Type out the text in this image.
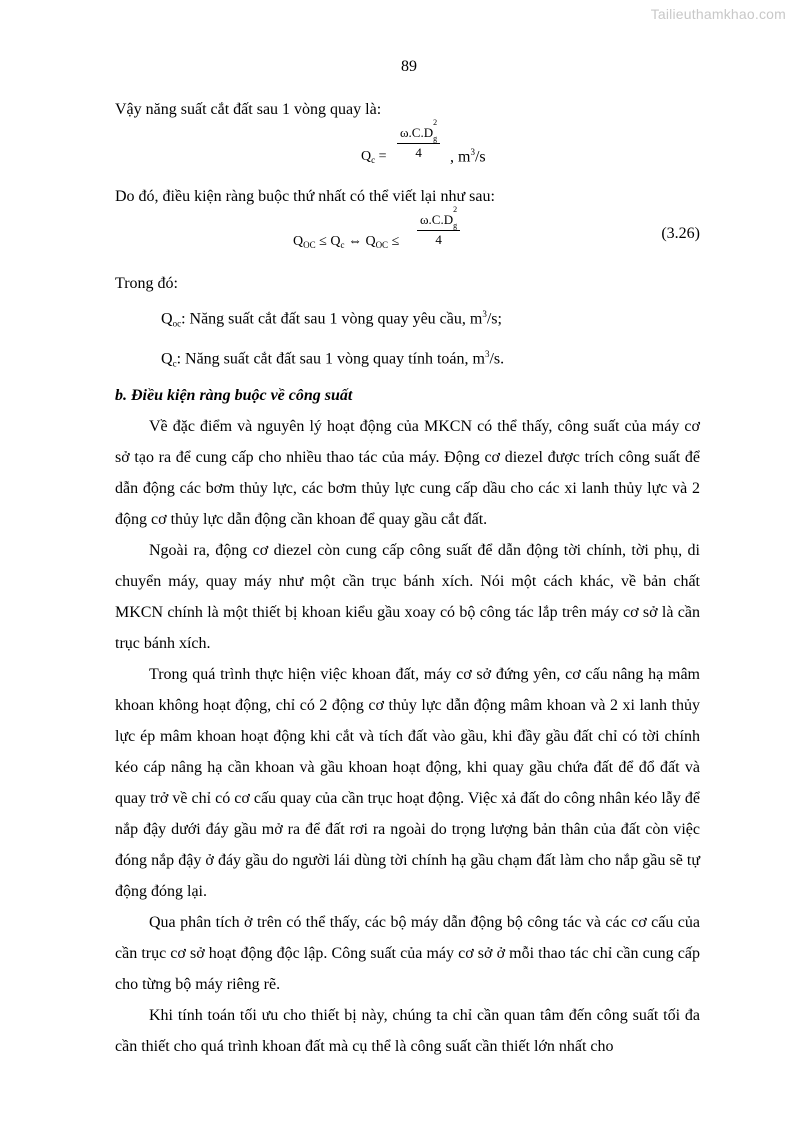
Tailieuthamkhao.com
89

Vậy năng suất cắt đất sau 1 vòng quay là:

$Q_c$ =
ω.C.D
2
$_g$
4	, $m^3/s$

Do đó, điều kiện ràng buộc thứ nhất có thể viết lại như sau:

$Q_{OC} \le Q_c$ ⇔ $Q_{OC}$ ≤
ω.C.D
2
$_g$
4	(3.26)

Trong đó:

$Q_{oc}$: Năng suất cắt đất sau 1 vòng quay yêu cầu, $m^3/s$;

$Q_c$: Năng suất cắt đất sau 1 vòng quay tính toán, $m^3/s$.

b. Điều kiện ràng buộc về công suất

Về đặc điểm và nguyên lý hoạt động của MKCN có thể thấy, công suất của máy cơ sở tạo ra để cung cấp cho nhiều thao tác của máy. Động cơ diezel được trích công suất để dẫn động các bơm thủy lực, các bơm thủy lực cung cấp dầu cho các xi lanh thủy lực và 2 động cơ thủy lực dẫn động cần khoan để quay gầu cắt đất.

Ngoài ra, động cơ diezel còn cung cấp công suất để dẫn động tời chính, tời phụ, di chuyển máy, quay máy như một cần trục bánh xích. Nói một cách khác, về bản chất MKCN chính là một thiết bị khoan kiểu gầu xoay có bộ công tác lắp trên máy cơ sở là cần trục bánh xích.

Trong quá trình thực hiện việc khoan đất, máy cơ sở đứng yên, cơ cấu nâng hạ mâm khoan không hoạt động, chỉ có 2 động cơ thủy lực dẫn động mâm khoan và 2 xi lanh thủy lực ép mâm khoan hoạt động khi cắt và tích đất vào gầu, khi đầy gầu đất chỉ có tời chính kéo cáp nâng hạ cần khoan và gầu khoan hoạt động, khi quay gầu chứa đất để đổ đất và quay trở về chỉ có cơ cấu quay của cần trục hoạt động. Việc xả đất do công nhân kéo lẫy để nắp đậy dưới đáy gầu mở ra để đất rơi ra ngoài do trọng lượng bản thân của đất còn việc đóng nắp đậy ở đáy gầu do người lái dùng tời chính hạ gầu chạm đất làm cho nắp gầu sẽ tự động đóng lại.

Qua phân tích ở trên có thể thấy, các bộ máy dẫn động bộ công tác và các cơ cấu của cần trục cơ sở hoạt động độc lập. Công suất của máy cơ sở ở mỗi thao tác chỉ cần cung cấp cho từng bộ máy riêng rẽ.

Khi tính toán tối ưu cho thiết bị này, chúng ta chỉ cần quan tâm đến công suất tối đa cần thiết cho quá trình khoan đất mà cụ thể là công suất cần thiết lớn nhất cho
